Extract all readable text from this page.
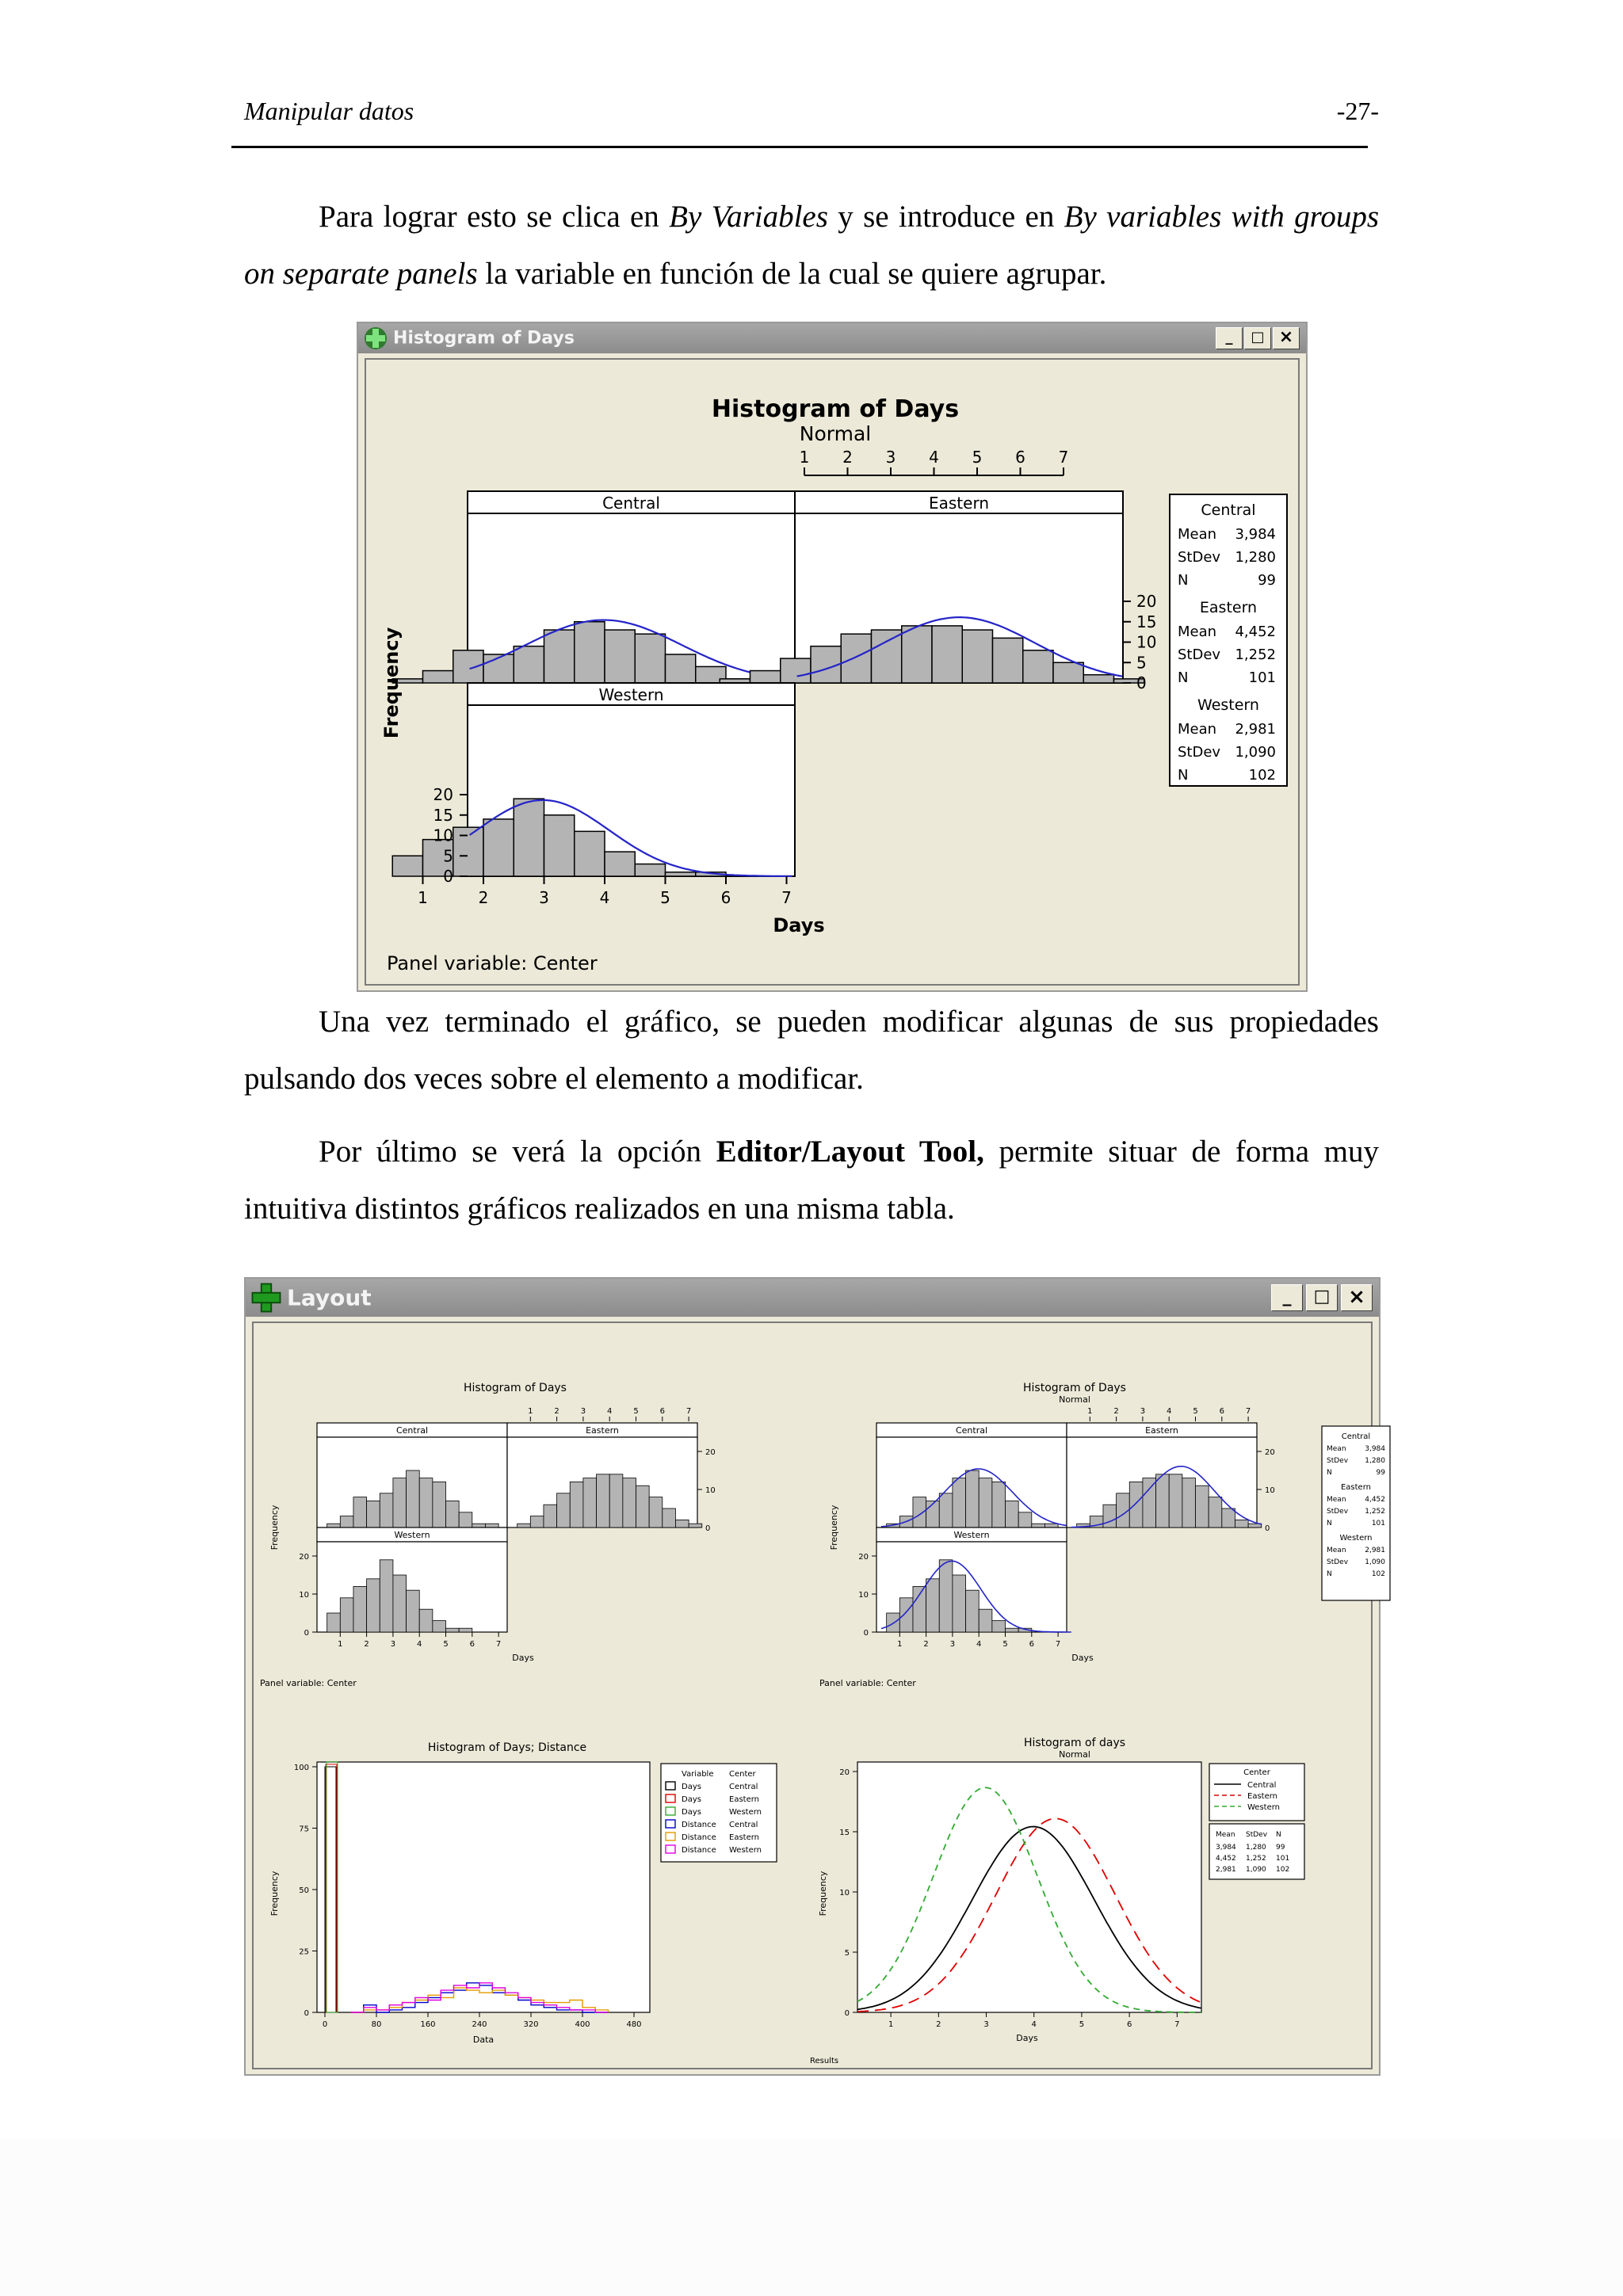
Manipular datos	-27-

Para lograr esto se clica en By Variables y se introduce en By variables with groups on separate panels la variable en función de la cual se quiere agrupar.

Histogram of Days	_	□ ×
Histogram of Days
Normal
1 2 3 4 5 6 7
Central	Eastern
Western
0
5
10
15
20
0
5
10
15
20
1	2	3	4	5	6	7
Frequency
Days
Central
Mean 3,984
StDev 1,280
N	99
Eastern
Mean 4,452
StDev 1,252
N	101
Western
Mean 2,981
StDev 1,090
N	102
Panel variable: Center

Una vez terminado el gráfico, se pueden modificar algunas de sus propiedades pulsando dos veces sobre el elemento a modificar.

Por último se verá la opción Editor/Layout Tool, permite situar de forma muy intuitiva distintos gráficos realizados en una misma tabla.

Layout	_	□ ×
Histogram of Days
1	2	3	4	5	6	7
Central	Eastern
Western
0
0
10
10
20
20
1	2	3	4	5	6	7
Frequency
Days
Panel variable: Center
Histogram of Days
Normal
1	2	3	4	5	6	7
Central	Eastern
Western
0
0
10
10
20
20
1	2	3	4	5	6	7
Frequency
Days
Panel variable: Center
Central
Mean	3,984
StDev 1,280
N	99
Eastern
Mean	4,452
StDev 1,252
N	101
Western
Mean	2,981
StDev 1,090
N	102
Histogram of Days; Distance
0
25
50
75
100
0	80	160	240	320	400	480
Frequency
Data
Variable Center
Days	Central
Days	Eastern
Days	Western
Distance Central
Distance Eastern
Distance Western
Histogram of days
Normal
0
5
10
15
20
1	2	3	4	5	6	7
Frequency
Days
Results
Center
Central
Eastern
Western
Mean StDev N
3,984 1,280 99
4,452 1,252 101
2,981 1,090 102
